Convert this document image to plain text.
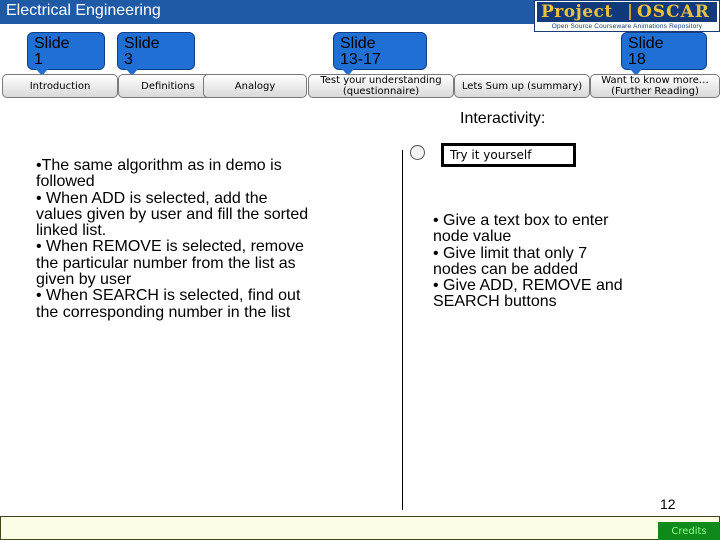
Electrical Engineering	Project OSCAR
Open Source Courseware Animations Repository
Slide
1
Slide
3
Slide
13-17
Slide
18
Introduction	Definitions	Analogy	Test your understanding
(questionnaire)	Lets Sum up (summary) Want to know more…
(Further Reading)
Interactivity:
Try it yourself
•The same algorithm as in demo is
followed
• When ADD is selected, add the
values given by user and fill the sorted
linked list.
• When REMOVE is selected, remove
the particular number from the list as
given by user
• When SEARCH is selected, find out
the corresponding number in the list
• Give a text box to enter
node value
• Give limit that only 7
nodes can be added
• Give ADD, REMOVE and
SEARCH buttons
12
Credits
